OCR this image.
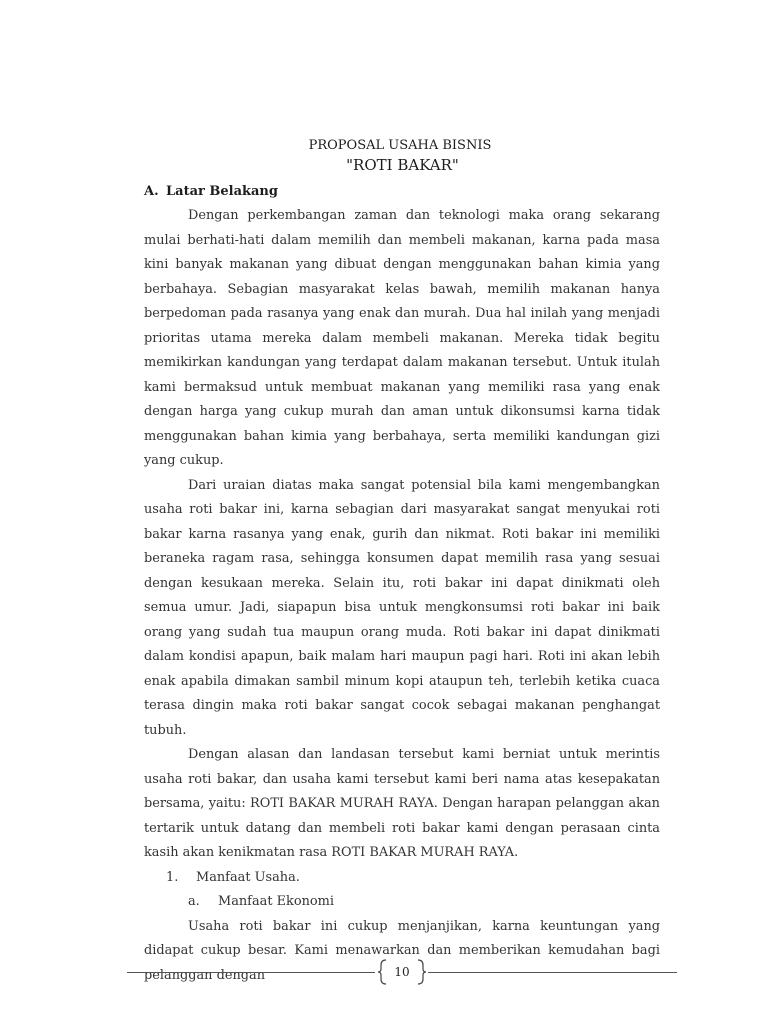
PROPOSAL USAHA BISNIS
"ROTI BAKAR"
A. Latar Belakang

Dengan perkembangan zaman dan teknologi maka orang sekarang mulai berhati-hati dalam memilih dan membeli makanan, karna pada masa kini banyak makanan yang dibuat dengan menggunakan bahan kimia yang berbahaya. Sebagian masyarakat kelas bawah, memilih makanan hanya berpedoman pada rasanya yang enak dan murah. Dua hal inilah yang menjadi prioritas utama mereka dalam membeli makanan. Mereka tidak begitu memikirkan kandungan yang terdapat dalam makanan tersebut. Untuk itulah kami bermaksud untuk membuat makanan yang memiliki rasa yang enak dengan harga yang cukup murah dan aman untuk dikonsumsi karna tidak menggunakan bahan kimia yang berbahaya, serta memiliki kandungan gizi yang cukup.

Dari uraian diatas maka sangat potensial bila kami mengembangkan usaha roti bakar ini, karna sebagian dari masyarakat sangat menyukai roti bakar karna rasanya yang enak, gurih dan nikmat. Roti bakar ini memiliki beraneka ragam rasa, sehingga konsumen dapat memilih rasa yang sesuai dengan kesukaan mereka. Selain itu, roti bakar ini dapat dinikmati oleh semua umur. Jadi, siapapun bisa untuk mengkonsumsi roti bakar ini baik orang yang sudah tua maupun orang muda. Roti bakar ini dapat dinikmati dalam kondisi apapun, baik malam hari maupun pagi hari. Roti ini akan lebih enak apabila dimakan sambil minum kopi ataupun teh, terlebih ketika cuaca terasa dingin maka roti bakar sangat cocok sebagai makanan penghangat tubuh.

Dengan alasan dan landasan tersebut kami berniat untuk merintis usaha roti bakar, dan usaha kami tersebut kami beri nama atas kesepakatan bersama, yaitu: ROTI BAKAR MURAH RAYA. Dengan harapan pelanggan akan tertarik untuk datang dan membeli roti bakar kami dengan perasaan cinta kasih akan kenikmatan rasa ROTI BAKAR MURAH RAYA.

1. Manfaat Usaha.

a. Manfaat Ekonomi

Usaha roti bakar ini cukup menjanjikan, karna keuntungan yang didapat cukup besar. Kami menawarkan dan memberikan kemudahan bagi pelanggan dengan	10
